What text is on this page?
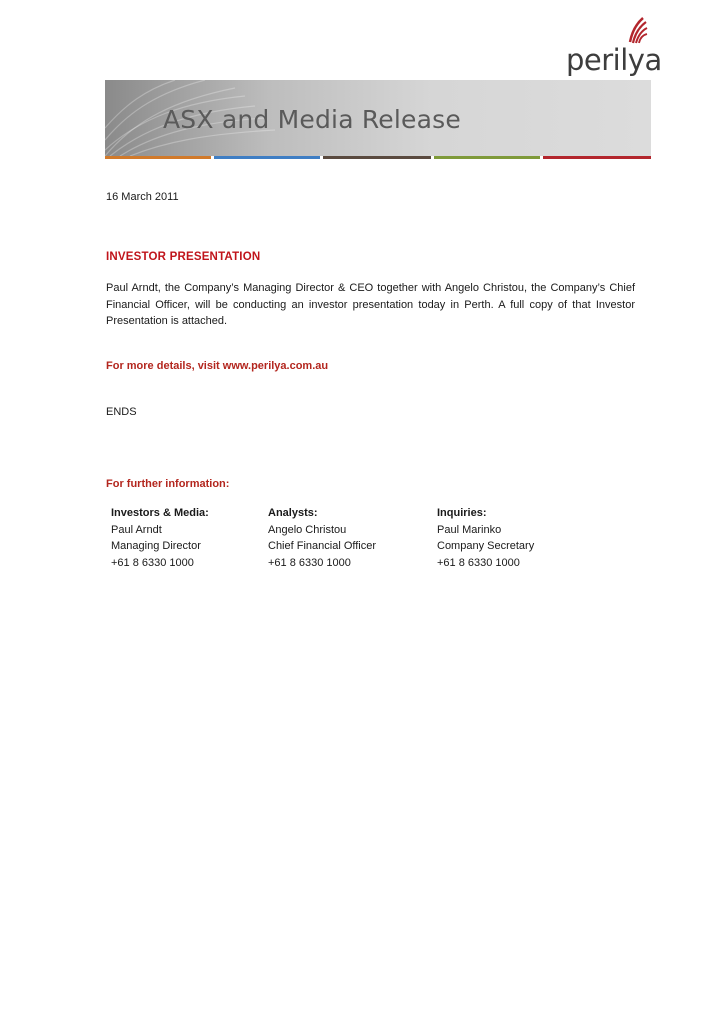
perilya
ASX and Media Release
16 March 2011
INVESTOR PRESENTATION
Paul Arndt, the Company’s Managing Director & CEO together with Angelo Christou, the Company’s Chief Financial Officer, will be conducting an investor presentation today in Perth. A full copy of that Investor Presentation is attached.
For more details, visit www.perilya.com.au
ENDS
For further information:
Investors & Media:
Paul Arndt
Managing Director
+61 8 6330 1000
Analysts:
Angelo Christou
Chief Financial Officer
+61 8 6330 1000
Inquiries:
Paul Marinko
Company Secretary
+61 8 6330 1000
